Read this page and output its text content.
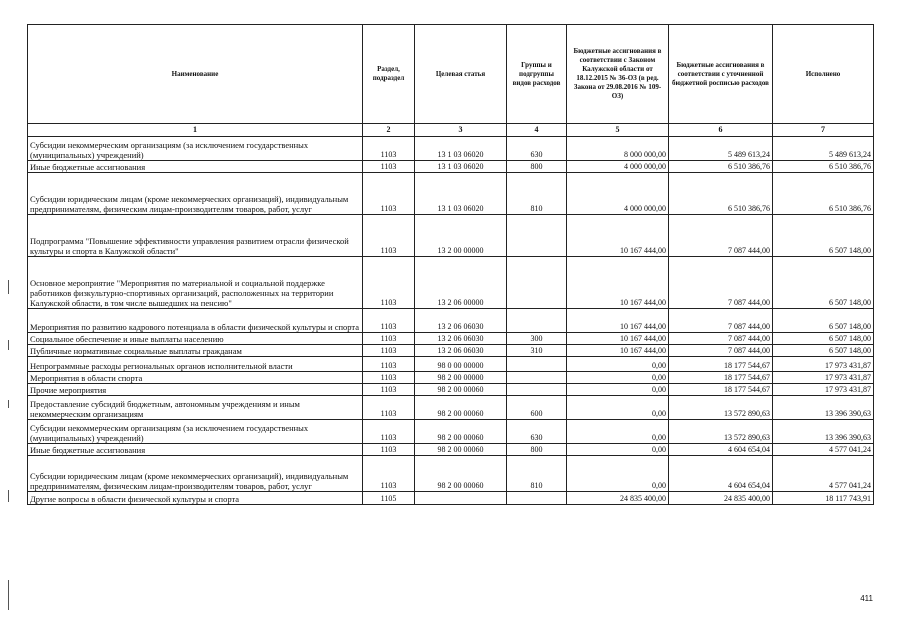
Наименование	Раздел, подраздел	Целевая статья	Группы и подгруппы видов расходов	Бюджетные ассигнования в соответствии с Законом Калужской области от 18.12.2015 № 36-ОЗ (в ред. Закона от 29.08.2016 № 109-ОЗ)	Бюджетные ассигнования в соответствии с уточненной бюджетной росписью расходов	Исполнено
1	2	3	4	5	6	7
Субсидии некоммерческим организациям (за исключением государственных (муниципальных) учреждений)	1103	13 1 03 06020	630	8 000 000,00	5 489 613,24	5 489 613,24
Иные бюджетные ассигнования	1103	13 1 03 06020	800	4 000 000,00	6 510 386,76	6 510 386,76
Субсидии юридическим лицам (кроме некоммерческих организаций), индивидуальным предпринимателям, физическим лицам-производителям товаров, работ, услуг	1103	13 1 03 06020	810	4 000 000,00	6 510 386,76	6 510 386,76
Подпрограмма "Повышение эффективности управления развитием отрасли физической культуры и спорта в Калужской области"	1103	13 2 00 00000		10 167 444,00	7 087 444,00	6 507 148,00
Основное мероприятие "Мероприятия по материальной и социальной поддержке работников физкультурно-спортивных организаций, расположенных на территории Калужской области, в том числе вышедших на пенсию"	1103	13 2 06 00000		10 167 444,00	7 087 444,00	6 507 148,00
Мероприятия по развитию кадрового потенциала в области физической культуры и спорта	1103	13 2 06 06030		10 167 444,00	7 087 444,00	6 507 148,00
Социальное обеспечение и иные выплаты населению	1103	13 2 06 06030	300	10 167 444,00	7 087 444,00	6 507 148,00
Публичные нормативные социальные выплаты гражданам	1103	13 2 06 06030	310	10 167 444,00	7 087 444,00	6 507 148,00
Непрограммные расходы региональных органов исполнительной власти	1103	98 0 00 00000		0,00	18 177 544,67	17 973 431,87
Мероприятия в области спорта	1103	98 2 00 00000		0,00	18 177 544,67	17 973 431,87
Прочие мероприятия	1103	98 2 00 00060		0,00	18 177 544,67	17 973 431,87
Предоставление субсидий бюджетным, автономным учреждениям и иным некоммерческим организациям	1103	98 2 00 00060	600	0,00	13 572 890,63	13 396 390,63
Субсидии некоммерческим организациям (за исключением государственных (муниципальных) учреждений)	1103	98 2 00 00060	630	0,00	13 572 890,63	13 396 390,63
Иные бюджетные ассигнования	1103	98 2 00 00060	800	0,00	4 604 654,04	4 577 041,24
Субсидии юридическим лицам (кроме некоммерческих организаций), индивидуальным предпринимателям, физическим лицам-производителям товаров, работ, услуг	1103	98 2 00 00060	810	0,00	4 604 654,04	4 577 041,24
Другие вопросы в области физической культуры и спорта	1105			24 835 400,00	24 835 400,00	18 117 743,91
411
